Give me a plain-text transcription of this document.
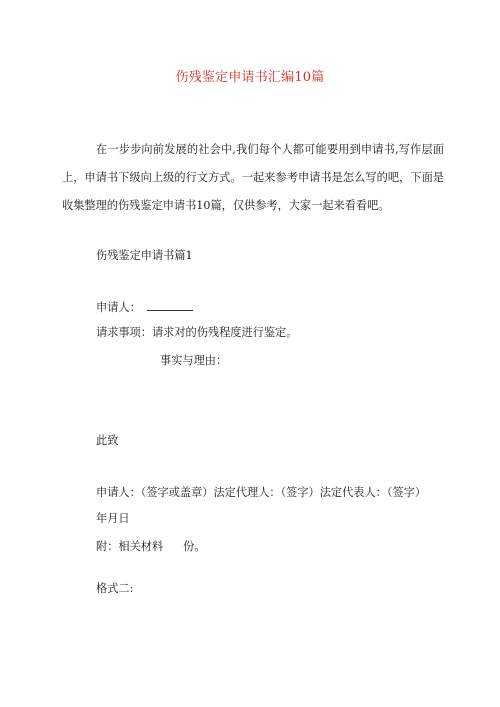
伤残鉴定申请书汇编10篇

在一步步向前发展的社会中,我们每个人都可能要用到申请书,写作层面上，申请书下级向上级的行文方式。一起来参考申请书是怎么写的吧，下面是收集整理的伤残鉴定申请书10篇，仅供参考，大家一起来看看吧。

伤残鉴定申请书篇1
申请人：
请求事项：请求对的伤残程度进行鉴定。
事实与理由：
此致
申请人：（签字或盖章）法定代理人：（签字）法定代表人：（签字）
年月日
附：相关材料 份。
格式二:
